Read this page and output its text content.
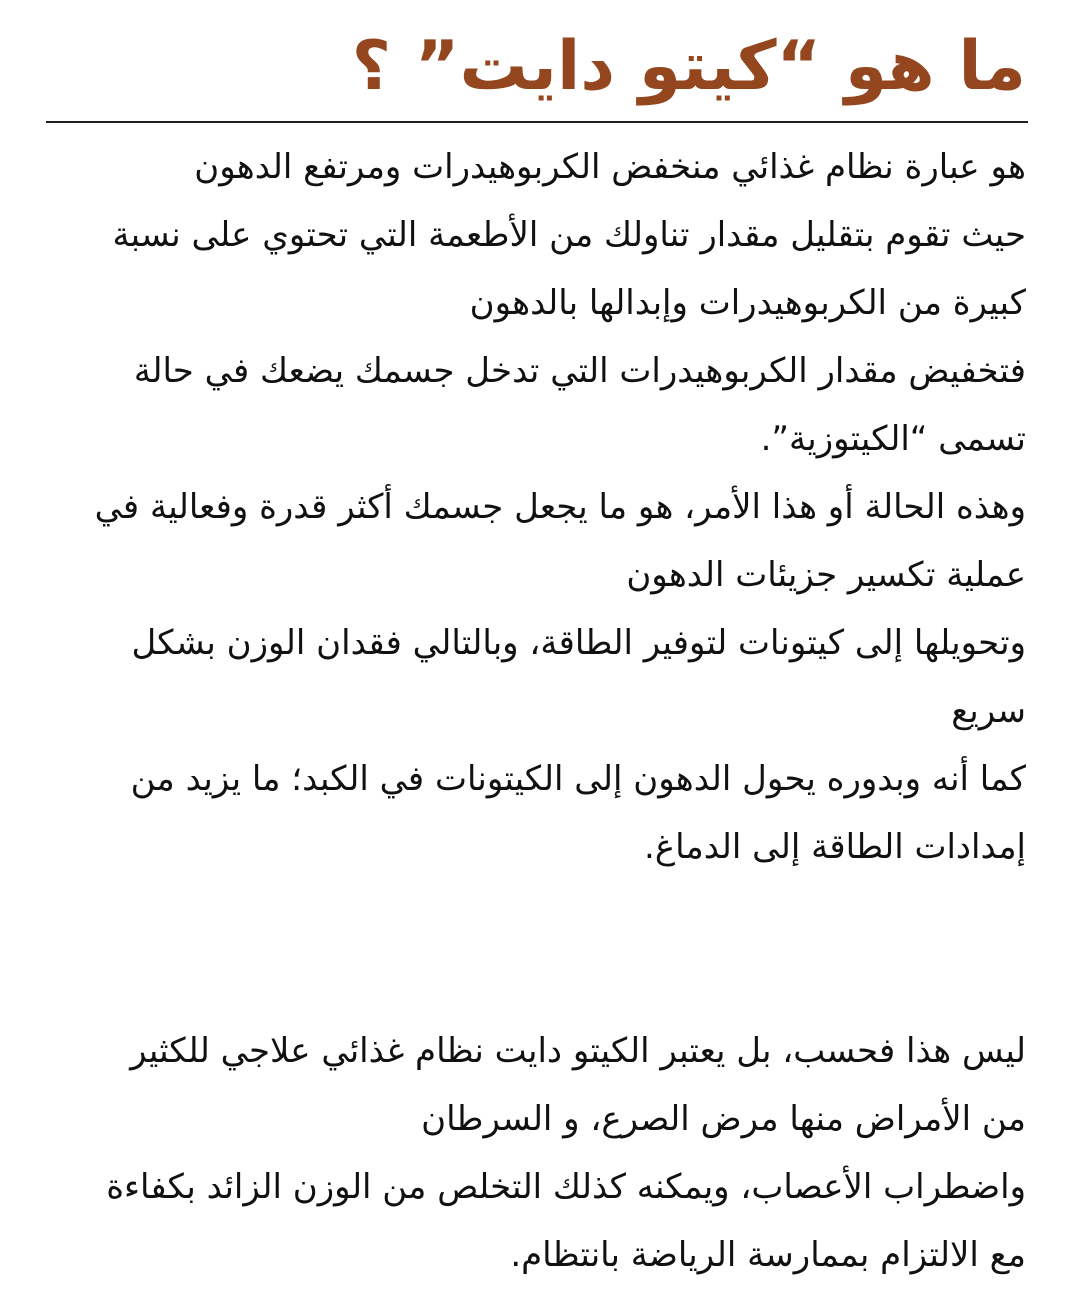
ما هو “كيتو دايت” ؟
هو عبارة نظام غذائي منخفض الكربوهيدرات ومرتفع الدهون
حيث تقوم بتقليل مقدار تناولك من الأطعمة التي تحتوي على نسبة
كبيرة من الكربوهيدرات وإبدالها بالدهون
فتخفيض مقدار الكربوهيدرات التي تدخل جسمك يضعك في حالة
تسمى “الكيتوزية”.
وهذه الحالة أو هذا الأمر، هو ما يجعل جسمك أكثر قدرة وفعالية في
عملية تكسير جزيئات الدهون
وتحويلها إلى كيتونات لتوفير الطاقة، وبالتالي فقدان الوزن بشكل
سريع
كما أنه وبدوره يحول الدهون إلى الكيتونات في الكبد؛ ما يزيد من
إمدادات الطاقة إلى الدماغ.
ليس هذا فحسب، بل يعتبر الكيتو دايت نظام غذائي علاجي للكثير
من الأمراض منها مرض الصرع، و السرطان
واضطراب الأعصاب، ويمكنه كذلك التخلص من الوزن الزائد بكفاءة
مع الالتزام بممارسة الرياضة بانتظام.
